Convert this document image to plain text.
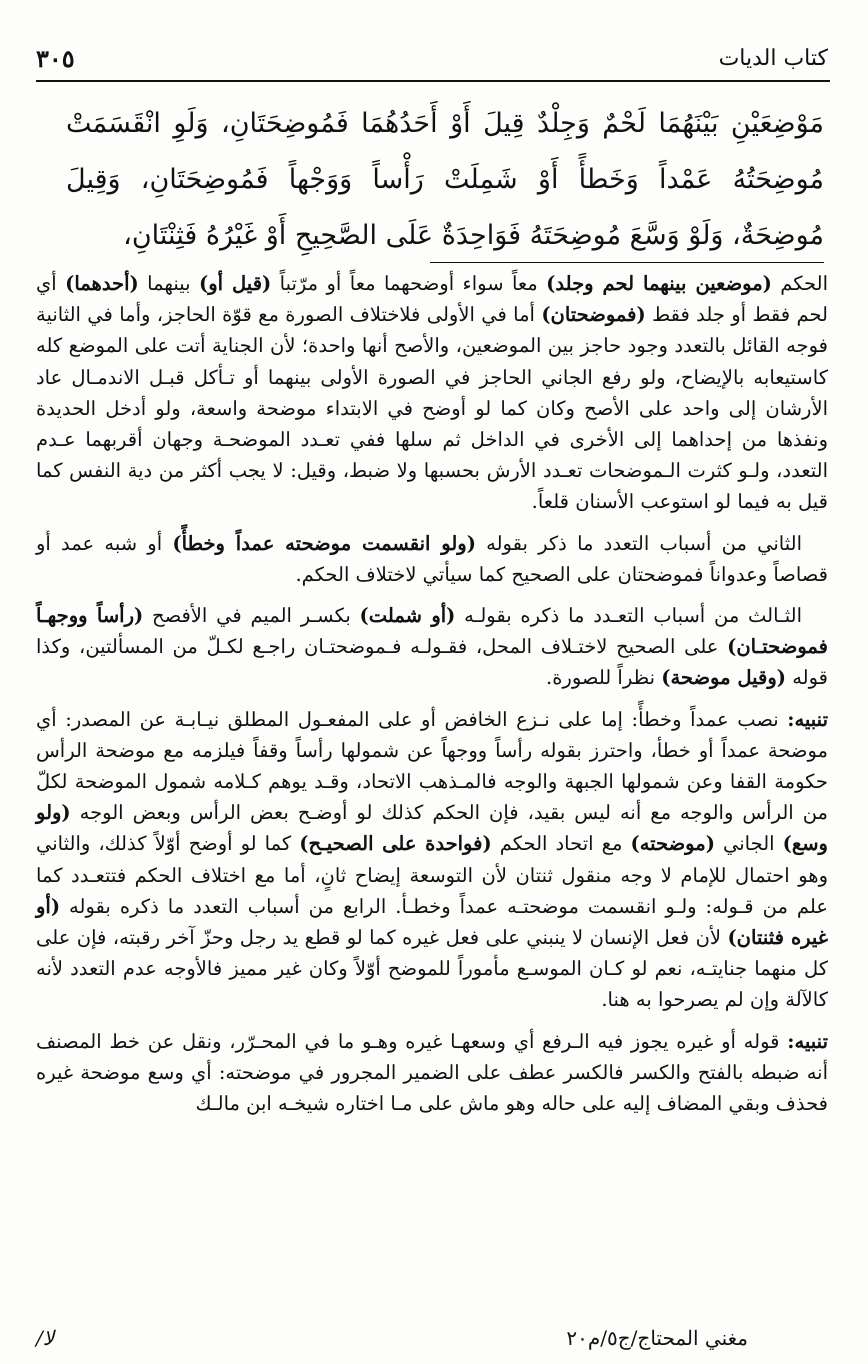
كتاب الديات
٣٠٥
مَوْضِعَيْنِ بَيْنَهُمَا لَحْمٌ وَجِلْدٌ قِيلَ أَوْ أَحَدُهُمَا فَمُوضِحَتَانِ، وَلَوِ انْقَسَمَتْ مُوضِحَتُهُ عَمْداً وَخَطأً أَوْ شَمِلَتْ رَأْساً وَوَجْهاً فَمُوضِحَتَانِ، وَقِيلَ مُوضِحَةٌ، وَلَوْ وَسَّعَ مُوضِحَتَهُ فَوَاحِدَةٌ عَلَى الصَّحِيحِ أَوْ غَيْرُهُ فَثِنْتَانِ،

الحكم (موضعين بينهما لحم وجلد) معاً سواء أوضحهما معاً أو مرّتباً (قيل أو) بينهما (أحدهما) أي لحم فقط أو جلد فقط (فموضحتان) أما في الأولى فلاختلاف الصورة مع قوّة الحاجز، وأما في الثانية فوجه القائل بالتعدد وجود حاجز بين الموضعين، والأصح أنها واحدة؛ لأن الجناية أتت على الموضع كله كاستيعابه بالإيضاح، ولو رفع الجاني الحاجز في الصورة الأولى بينهما أو تـأكل قبـل الاندمـال عاد الأرشان إلى واحد على الأصح وكان كما لو أوضح في الابتداء موضحة واسعة، ولو أدخل الحديدة ونفذها من إحداهما إلى الأخرى في الداخل ثم سلها ففي تعـدد الموضحـة وجهان أقربهما عـدم التعدد، ولـو كثرت الـموضحات تعـدد الأرش بحسبها ولا ضبط، وقيل: لا يجب أكثر من دية النفس كما قيل به فيما لو استوعب الأسنان قلعاً.

الثاني من أسباب التعدد ما ذكر بقوله (ولو انقسمت موضحته عمداً وخطأً) أو شبه عمد أو قصاصاً وعدواناً فموضحتان على الصحيح كما سيأتي لاختلاف الحكم.

الثـالث من أسباب التعـدد ما ذكره بقولـه (أو شملت) بكسـر الميم في الأفصح (رأساً ووجهـاً فموضحتـان) على الصحيح لاختـلاف المحل، فقـولـه فـموضحتـان راجـع لكـلّ من المسألتين، وكذا قوله (وقيل موضحة) نظراً للصورة.

تنبيه: نصب عمداً وخطأً: إما على نـزع الخافض أو على المفعـول المطلق نيـابـة عن المصدر: أي موضحة عمداً أو خطأ، واحترز بقوله رأساً ووجهاً عن شمولها رأساً وقفاً فيلزمه مع موضحة الرأس حكومة القفا وعن شمولها الجبهة والوجه فالمـذهب الاتحاد، وقـد يوهم كـلامه شمول الموضحة لكلّ من الرأس والوجه مع أنه ليس بقيد، فإن الحكم كذلك لو أوضـح بعض الرأس وبعض الوجه (ولو وسع) الجاني (موضحته) مع اتحاد الحكم (فواحدة على الصحيـح) كما لو أوضح أوّلاً كذلك، والثاني وهو احتمال للإمام لا وجه منقول ثنتان لأن التوسعة إيضاح ثانٍ، أما مع اختلاف الحكم فتتعـدد كما علم من قـوله: ولـو انقسمت موضحتـه عمداً وخطـأ. الرابع من أسباب التعدد ما ذكره بقوله (أو غيره فثنتان) لأن فعل الإنسان لا ينبني على فعل غيره كما لو قطع يد رجل وحزّ آخر رقبته، فإن على كل منهما جنايتـه، نعم لو كـان الموسـع مأموراً للموضح أوّلاً وكان غير مميز فالأوجه عدم التعدد لأنه كالآلة وإن لم يصرحوا به هنا.

تنبيه: قوله أو غيره يجوز فيه الـرفع أي وسعهـا غيره وهـو ما في المحـرّر، ونقل عن خط المصنف أنه ضبطه بالفتح والكسر فالكسر عطف على الضمير المجرور في موضحته: أي وسع موضحة غيره فحذف وبقي المضاف إليه على حاله وهو ماش على مـا اختاره شيخـه ابن مالـك

مغني المحتاج/ج٥/م٢٠
ﻻ/
